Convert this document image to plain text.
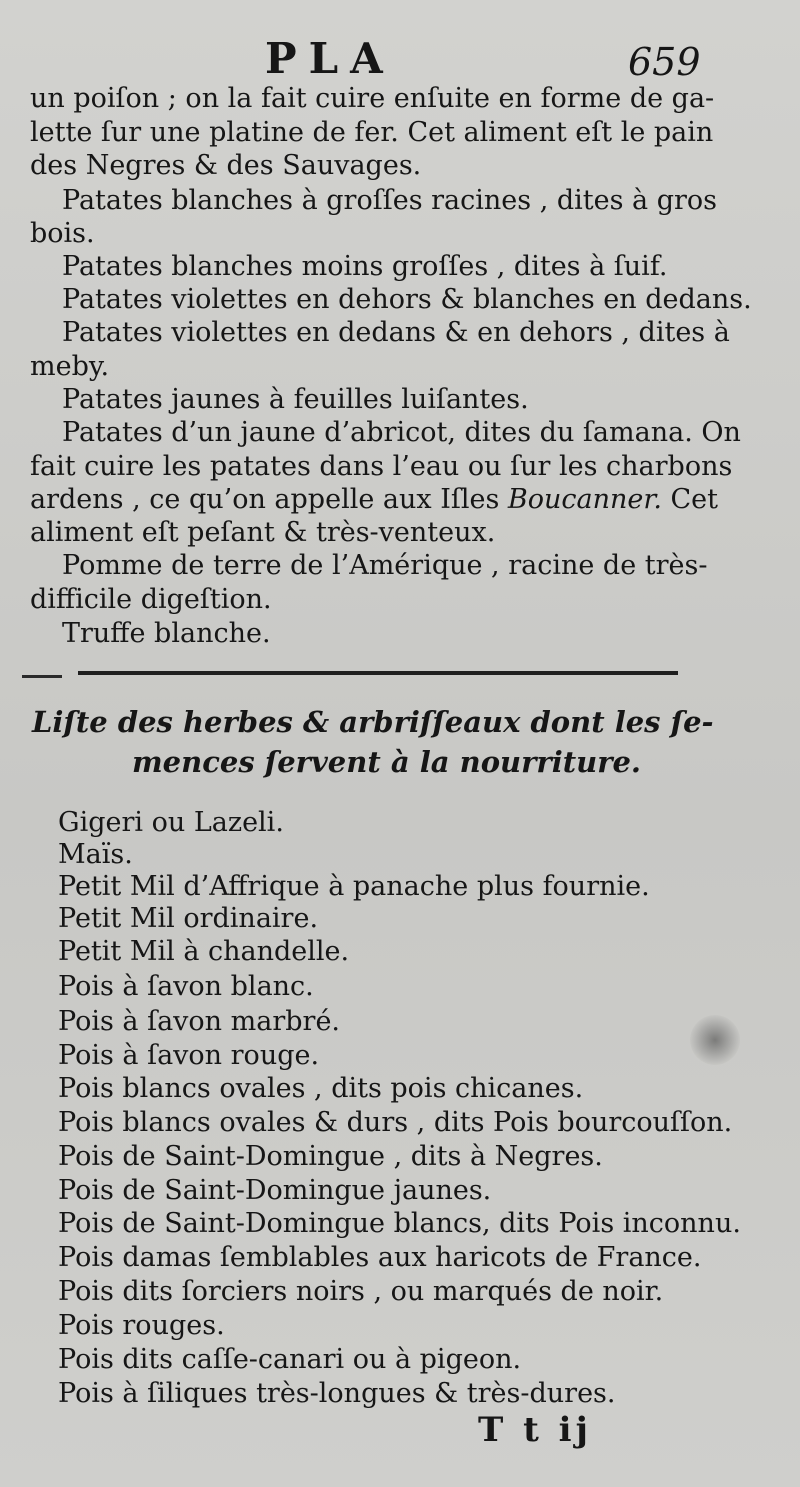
PLA	659
un poiſon ; on la fait cuire enſuite en forme de ga-
lette ſur une platine de fer. Cet aliment eſt le pain
des Negres & des Sauvages.
Patates blanches à groſſes racines , dites à gros
bois.
Patates blanches moins groſſes , dites à ſuif.
Patates violettes en dehors & blanches en dedans.
Patates violettes en dedans & en dehors , dites à
meby.
Patates jaunes à feuilles luiſantes.
Patates d’un jaune d’abricot, dites du ſamana. On
fait cuire les patates dans l’eau ou ſur les charbons
ardens , ce qu’on appelle aux Iſles Boucanner. Cet
aliment eſt peſant & très-venteux.
Pomme de terre de l’Amérique , racine de très-
difficile digeſtion.
Truffe blanche.
Liſte des herbes & arbriſſeaux dont les ſe-
mences ſervent à la nourriture.
Gigeri ou Lazeli.
Maïs.
Petit Mil d’Affrique à panache plus fournie.
Petit Mil ordinaire.
Petit Mil à chandelle.
Pois à ſavon blanc.
Pois à ſavon marbré.
Pois à ſavon rouge.
Pois blancs ovales , dits pois chicanes.
Pois blancs ovales & durs , dits Pois bourcouſſon.
Pois de Saint-Domingue , dits à Negres.
Pois de Saint-Domingue jaunes.
Pois de Saint-Domingue blancs, dits Pois inconnu.
Pois damas ſemblables aux haricots de France.
Pois dits ſorciers noirs , ou marqués de noir.
Pois rouges.
Pois dits caſſe-canari ou à pigeon.
Pois à ſiliques très-longues & très-dures.
T t ij
